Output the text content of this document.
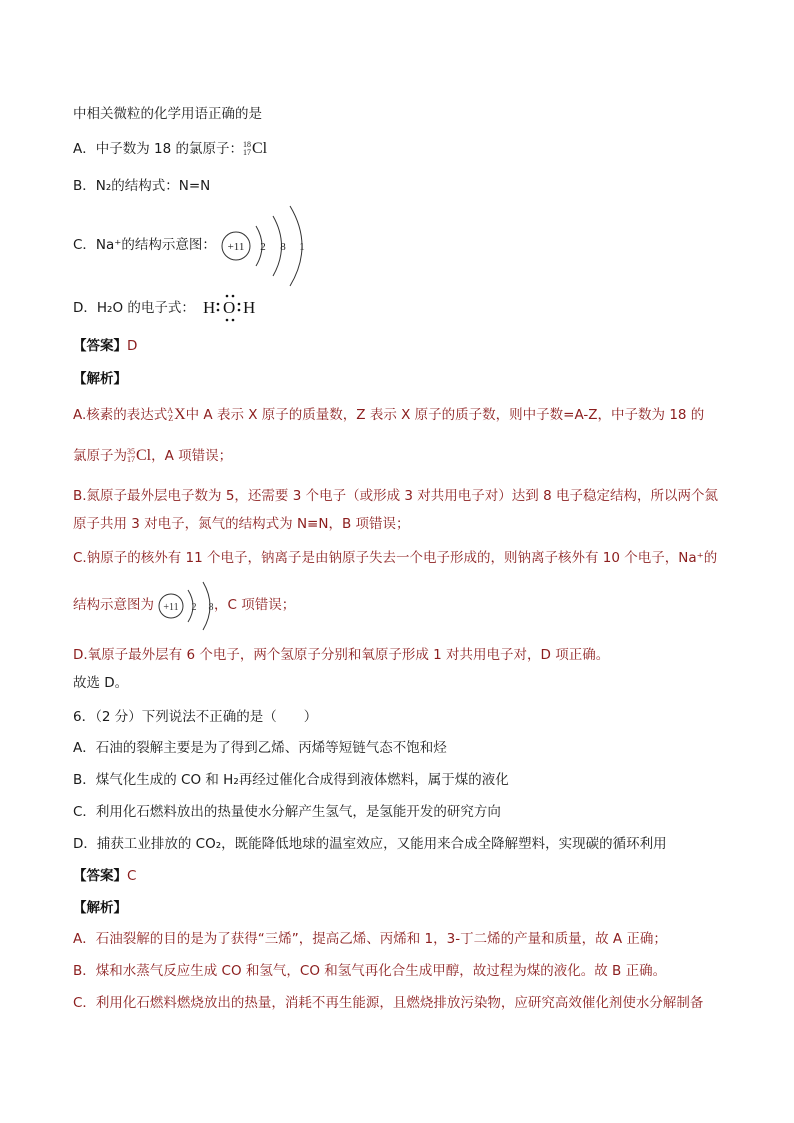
中相关微粒的化学用语正确的是
A．中子数为 18 的氯原子： 18
17 Cl
B．N₂的结构式：N=N
C．Na⁺的结构示意图： +11 2 8 1
D．H₂O 的电子式： H O H
【答案】D
【解析】
A.核素的表达式 A
Z X 中 A 表示 X 原子的质量数，Z 表示 X 原子的质子数，则中子数=A-Z，中子数为 18 的
氯原子为 35
17 Cl ，A 项错误；
B.氮原子最外层电子数为 5，还需要 3 个电子（或形成 3 对共用电子对）达到 8 电子稳定结构，所以两个氮
原子共用 3 对电子，氮气的结构式为 N≡N，B 项错误；
C.钠原子的核外有 11 个电子，钠离子是由钠原子失去一个电子形成的，则钠离子核外有 10 个电子，Na⁺的
结构示意图为	，C 项错误；
+11 2 8
D.氧原子最外层有 6 个电子，两个氢原子分别和氧原子形成 1 对共用电子对，D 项正确。
故选 D。
6．（2 分）下列说法不正确的是（　　）
A．石油的裂解主要是为了得到乙烯、丙烯等短链气态不饱和烃
B．煤气化生成的 CO 和 H₂再经过催化合成得到液体燃料，属于煤的液化
C．利用化石燃料放出的热量使水分解产生氢气，是氢能开发的研究方向
D．捕获工业排放的 CO₂，既能降低地球的温室效应，又能用来合成全降解塑料，实现碳的循环利用
【答案】C
【解析】
A．石油裂解的目的是为了获得“三烯”，提高乙烯、丙烯和 1，3-丁二烯的产量和质量，故 A 正确；
B．煤和水蒸气反应生成 CO 和氢气，CO 和氢气再化合生成甲醇，故过程为煤的液化。故 B 正确。
C．利用化石燃料燃烧放出的热量，消耗不再生能源，且燃烧排放污染物，应研究高效催化剂使水分解制备
